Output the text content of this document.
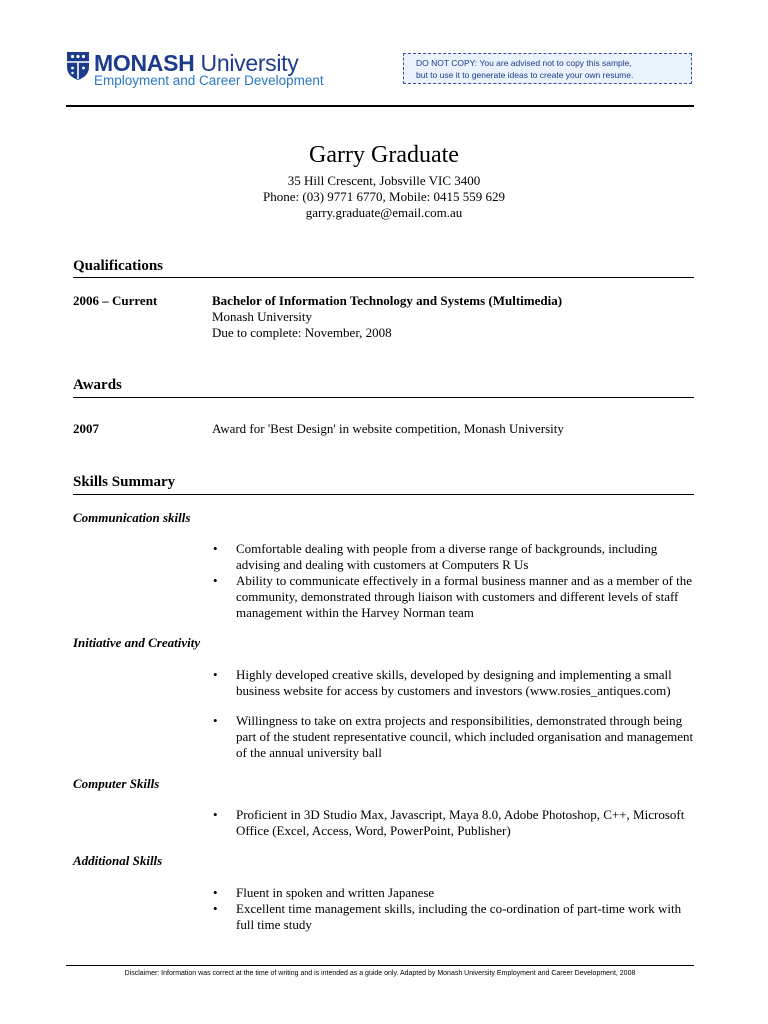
MONASH University
Employment and Career Development
DO NOT COPY: You are advised not to copy this sample,
but to use it to generate ideas to create your own resume.
Garry Graduate
35 Hill Crescent, Jobsville VIC 3400
Phone: (03) 9771 6770, Mobile: 0415 559 629
garry.graduate@email.com.au
Qualifications
2006 – Current	Bachelor of Information Technology and Systems (Multimedia)
Monash University
Due to complete: November, 2008
Awards
2007	Award for 'Best Design' in website competition, Monash University
Skills Summary
Communication skills
• Comfortable dealing with people from a diverse range of backgrounds, including advising and dealing with customers at Computers R Us
• Ability to communicate effectively in a formal business manner and as a member of the community, demonstrated through liaison with customers and different levels of staff management within the Harvey Norman team
Initiative and Creativity
• Highly developed creative skills, developed by designing and implementing a small business website for access by customers and investors (www.rosies_antiques.com)
• Willingness to take on extra projects and responsibilities, demonstrated through being part of the student representative council, which included organisation and management of the annual university ball
Computer Skills
• Proficient in 3D Studio Max, Javascript, Maya 8.0, Adobe Photoshop, C++, Microsoft Office (Excel, Access, Word, PowerPoint, Publisher)
Additional Skills
• Fluent in spoken and written Japanese
• Excellent time management skills, including the co-ordination of part-time work with full time study
Disclaimer: Information was correct at the time of writing and is intended as a guide only. Adapted by Monash University Employment and Career Development, 2008
